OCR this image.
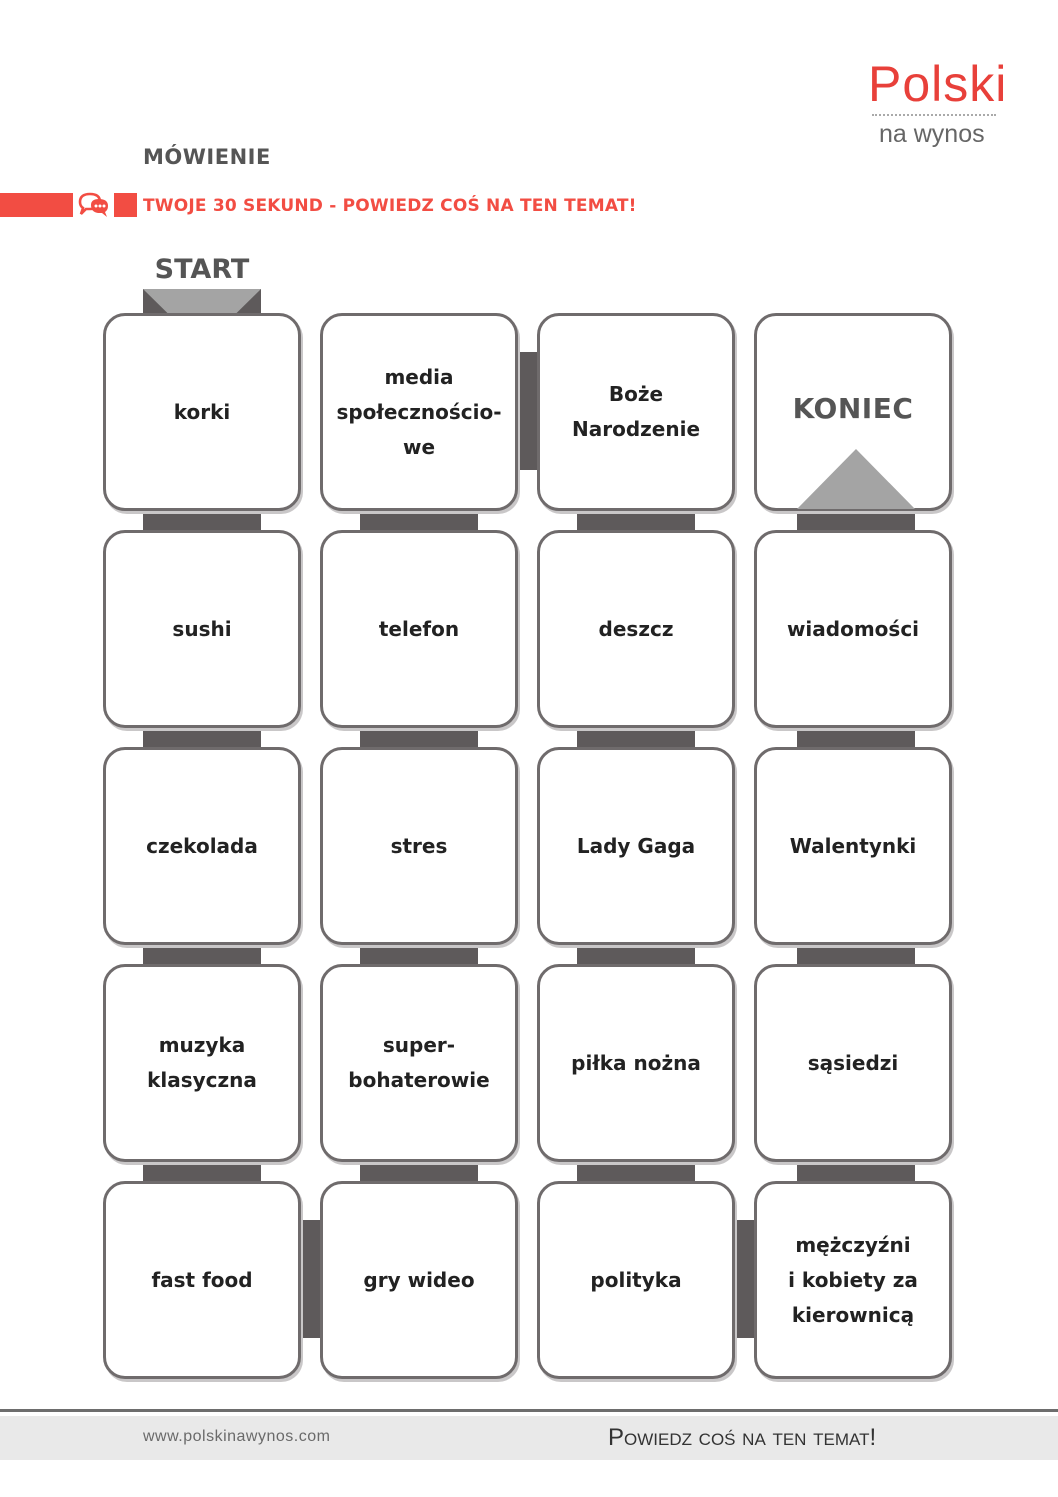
Polski
na wynos
MÓWIENIE
TWOJE 30 SEKUND - POWIEDZ COŚ NA TEN TEMAT!
START
korki
media
społecznościo-
we
Boże
Narodzenie
KONIEC
sushi	telefon	deszcz	wiadomości
czekolada	stres	Lady Gaga	Walentynki
muzyka
klasyczna
super-
bohaterowie
piłka nożna	sąsiedzi
fast food	gry wideo	polityka
mężczyźni
i kobiety za
kierownicą
www.polskinawynos.com	Powiedz coś na ten temat!
